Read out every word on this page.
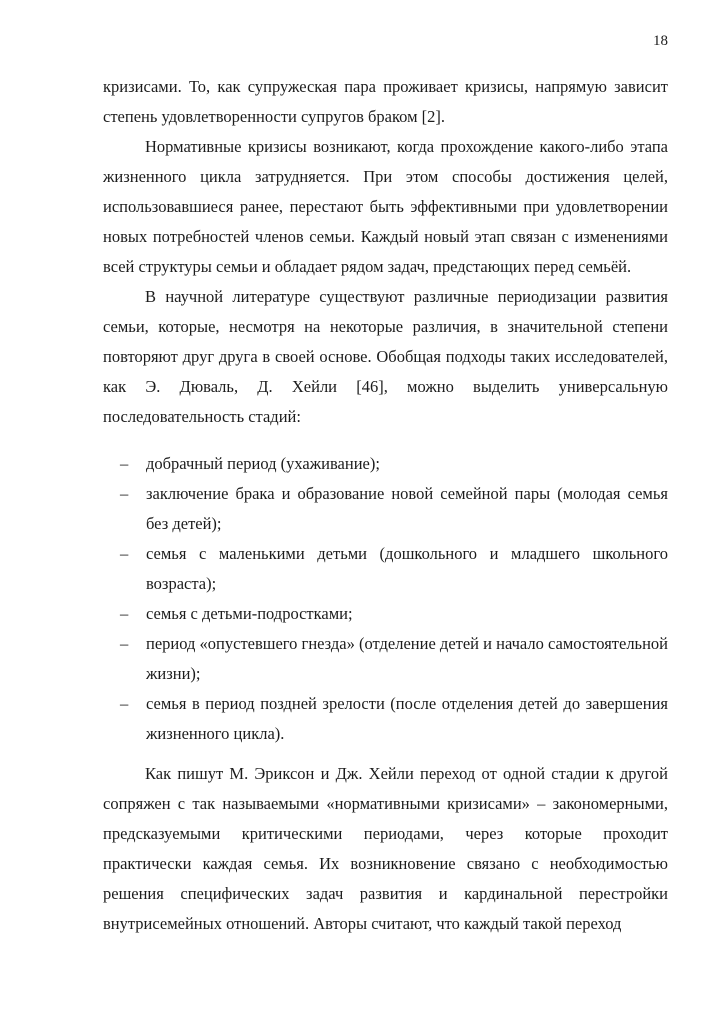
18

кризисами. То, как супружеская пара проживает кризисы, напрямую зависит степень удовлетворенности супругов браком [2].

Нормативные кризисы возникают, когда прохождение какого-либо этапа жизненного цикла затрудняется. При этом способы достижения целей, использовавшиеся ранее, перестают быть эффективными при удовлетворении новых потребностей членов семьи. Каждый новый этап связан с изменениями всей структуры семьи и обладает рядом задач, предстающих перед семьёй.

В научной литературе существуют различные периодизации развития семьи, которые, несмотря на некоторые различия, в значительной степени повторяют друг друга в своей основе. Обобщая подходы таких исследователей, как Э. Дюваль, Д. Хейли [46], можно выделить универсальную последовательность стадий:

– добрачный период (ухаживание);
– заключение брака и образование новой семейной пары (молодая семья без детей);
– семья с маленькими детьми (дошкольного и младшего школьного возраста);
– семья с детьми-подростками;
– период «опустевшего гнезда» (отделение детей и начало самостоятельной жизни);
– семья в период поздней зрелости (после отделения детей до завершения жизненного цикла).

Как пишут М. Эриксон и Дж. Хейли переход от одной стадии к другой сопряжен с так называемыми «нормативными кризисами» – закономерными, предсказуемыми критическими периодами, через которые проходит практически каждая семья. Их возникновение связано с необходимостью решения специфических задач развития и кардинальной перестройки внутрисемейных отношений. Авторы считают, что каждый такой переход
